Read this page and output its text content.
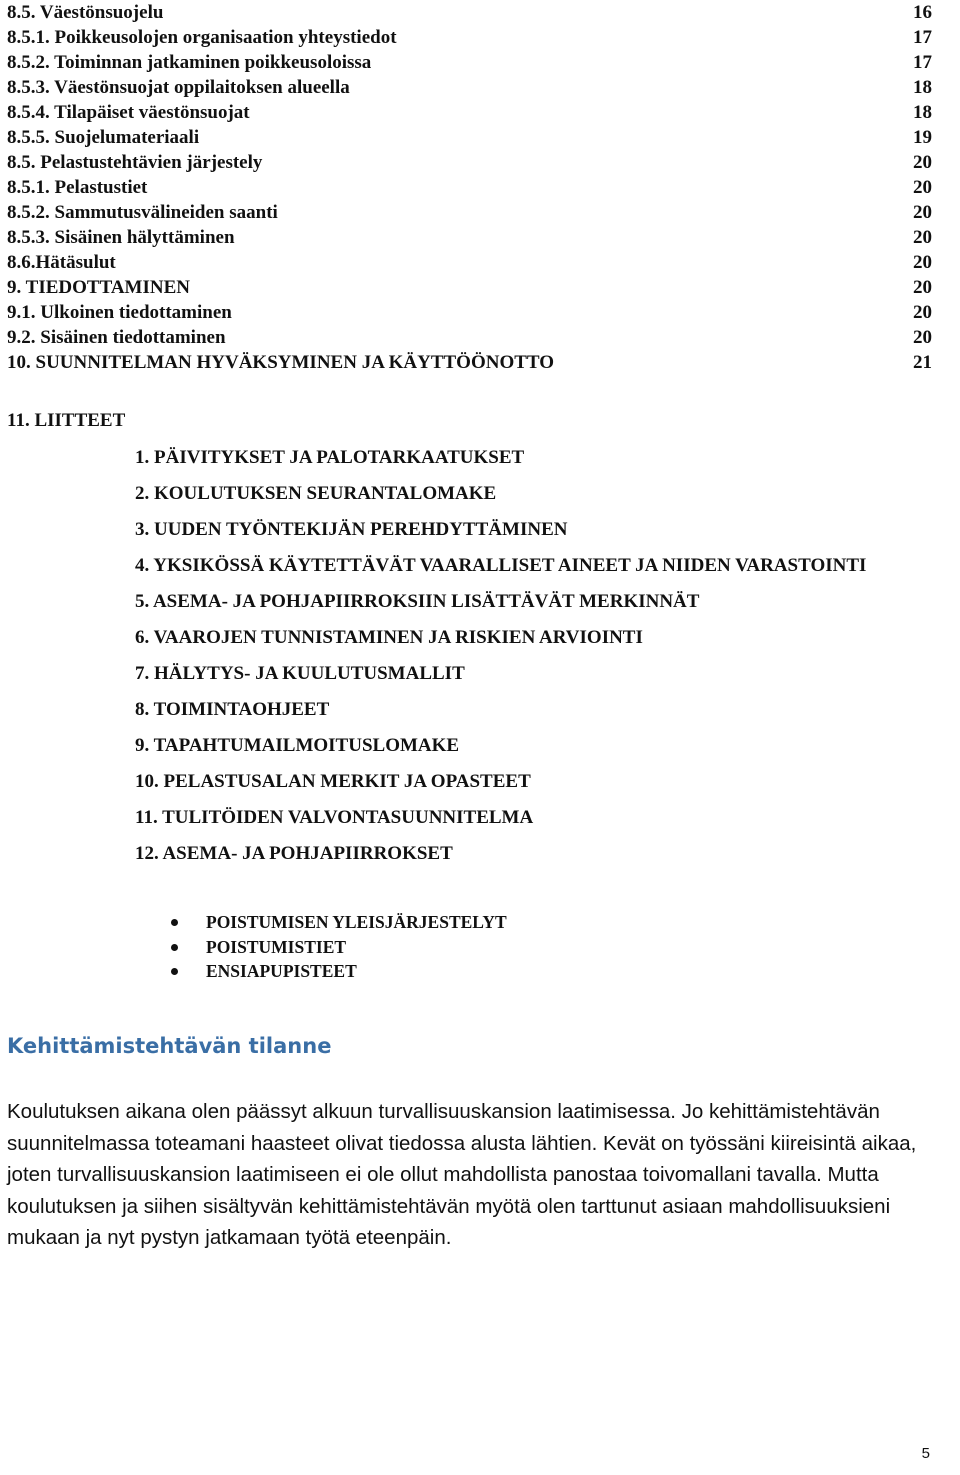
8.5. Väestönsuojelu	16
8.5.1. Poikkeusolojen organisaation yhteystiedot	17
8.5.2. Toiminnan jatkaminen poikkeusoloissa	17
8.5.3. Väestönsuojat oppilaitoksen alueella	18
8.5.4. Tilapäiset väestönsuojat	18
8.5.5. Suojelumateriaali	19
8.5. Pelastustehtävien järjestely	20
8.5.1. Pelastustiet	20
8.5.2. Sammutusvälineiden saanti	20
8.5.3. Sisäinen hälyttäminen	20
8.6.Hätäsulut	20
9. TIEDOTTAMINEN	20
9.1. Ulkoinen tiedottaminen	20
9.2. Sisäinen tiedottaminen	20
10. SUUNNITELMAN HYVÄKSYMINEN JA KÄYTTÖÖNOTTO	21
11. LIITTEET
1. PÄIVITYKSET JA PALOTARKAATUKSET
2. KOULUTUKSEN SEURANTALOMAKE
3. UUDEN TYÖNTEKIJÄN PEREHDYTTÄMINEN
4. YKSIKÖSSÄ KÄYTETTÄVÄT VAARALLISET AINEET JA NIIDEN VARASTOINTI
5. ASEMA- JA POHJAPIIRROKSIIN LISÄTTÄVÄT MERKINNÄT
6. VAAROJEN TUNNISTAMINEN JA RISKIEN ARVIOINTI
7. HÄLYTYS- JA KUULUTUSMALLIT
8. TOIMINTAOHJEET
9. TAPAHTUMAILMOITUSLOMAKE
10. PELASTUSALAN MERKIT JA OPASTEET
11. TULITÖIDEN VALVONTASUUNNITELMA
12. ASEMA- JA POHJAPIIRROKSET
POISTUMISEN YLEISJÄRJESTELYT
POISTUMISTIET
ENSIAPUPISTEET
Kehittämistehtävän tilanne

Koulutuksen aikana olen päässyt alkuun turvallisuuskansion laatimisessa. Jo kehittämistehtävän suunnitelmassa toteamani haasteet olivat tiedossa alusta lähtien. Kevät on työssäni kiireisintä aikaa, joten turvallisuuskansion laatimiseen ei ole ollut mahdollista panostaa toivomallani tavalla. Mutta koulutuksen ja siihen sisältyvän kehittämistehtävän myötä olen tarttunut asiaan mahdollisuuksieni mukaan ja nyt pystyn jatkamaan työtä eteenpäin.

5
